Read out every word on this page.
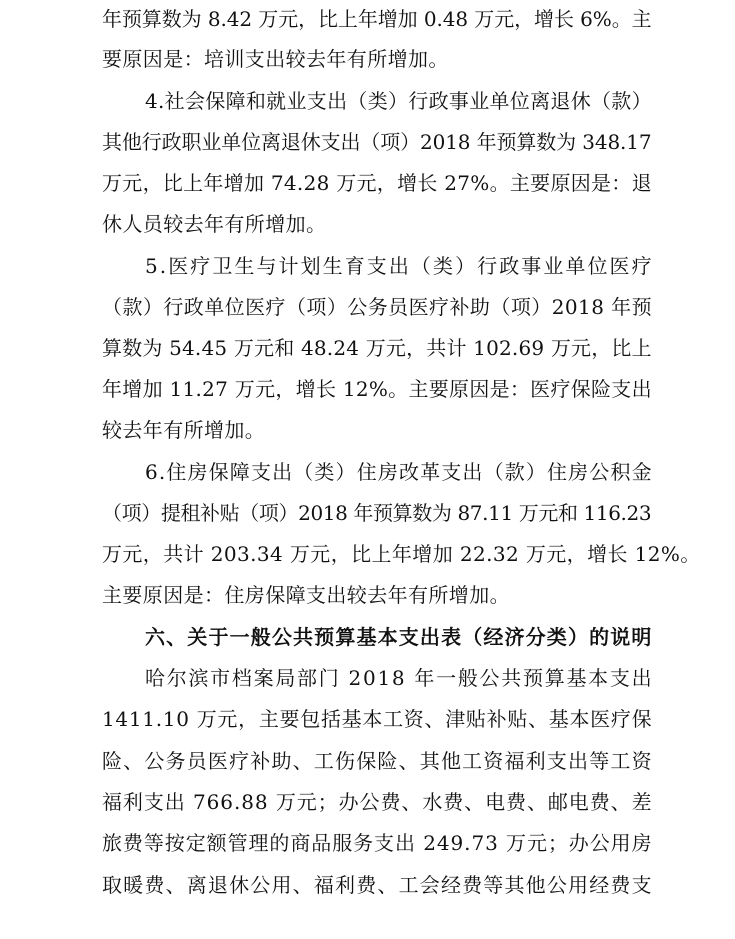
年预算数为 8.42 万元，比上年增加 0.48 万元，增长 6%。主
要原因是：培训支出较去年有所增加。
4.社会保障和就业支出（类）行政事业单位离退休（款）
其他行政职业单位离退休支出（项）2018 年预算数为 348.17
万元，比上年增加 74.28 万元，增长 27%。主要原因是：退
休人员较去年有所增加。
5.医疗卫生与计划生育支出（类）行政事业单位医疗
（款）行政单位医疗（项）公务员医疗补助（项）2018 年预
算数为 54.45 万元和 48.24 万元，共计 102.69 万元，比上
年增加 11.27 万元，增长 12%。主要原因是：医疗保险支出
较去年有所增加。
6.住房保障支出（类）住房改革支出（款）住房公积金
（项）提租补贴（项）2018 年预算数为 87.11 万元和 116.23
万元，共计 203.34 万元，比上年增加 22.32 万元，增长 12%。
主要原因是：住房保障支出较去年有所增加。
六、关于一般公共预算基本支出表（经济分类）的说明
哈尔滨市档案局部门 2018 年一般公共预算基本支出
1411.10 万元，主要包括基本工资、津贴补贴、基本医疗保
险、公务员医疗补助、工伤保险、其他工资福利支出等工资
福利支出 766.88 万元；办公费、水费、电费、邮电费、差
旅费等按定额管理的商品服务支出 249.73 万元；办公用房
取暖费、离退休公用、福利费、工会经费等其他公用经费支
